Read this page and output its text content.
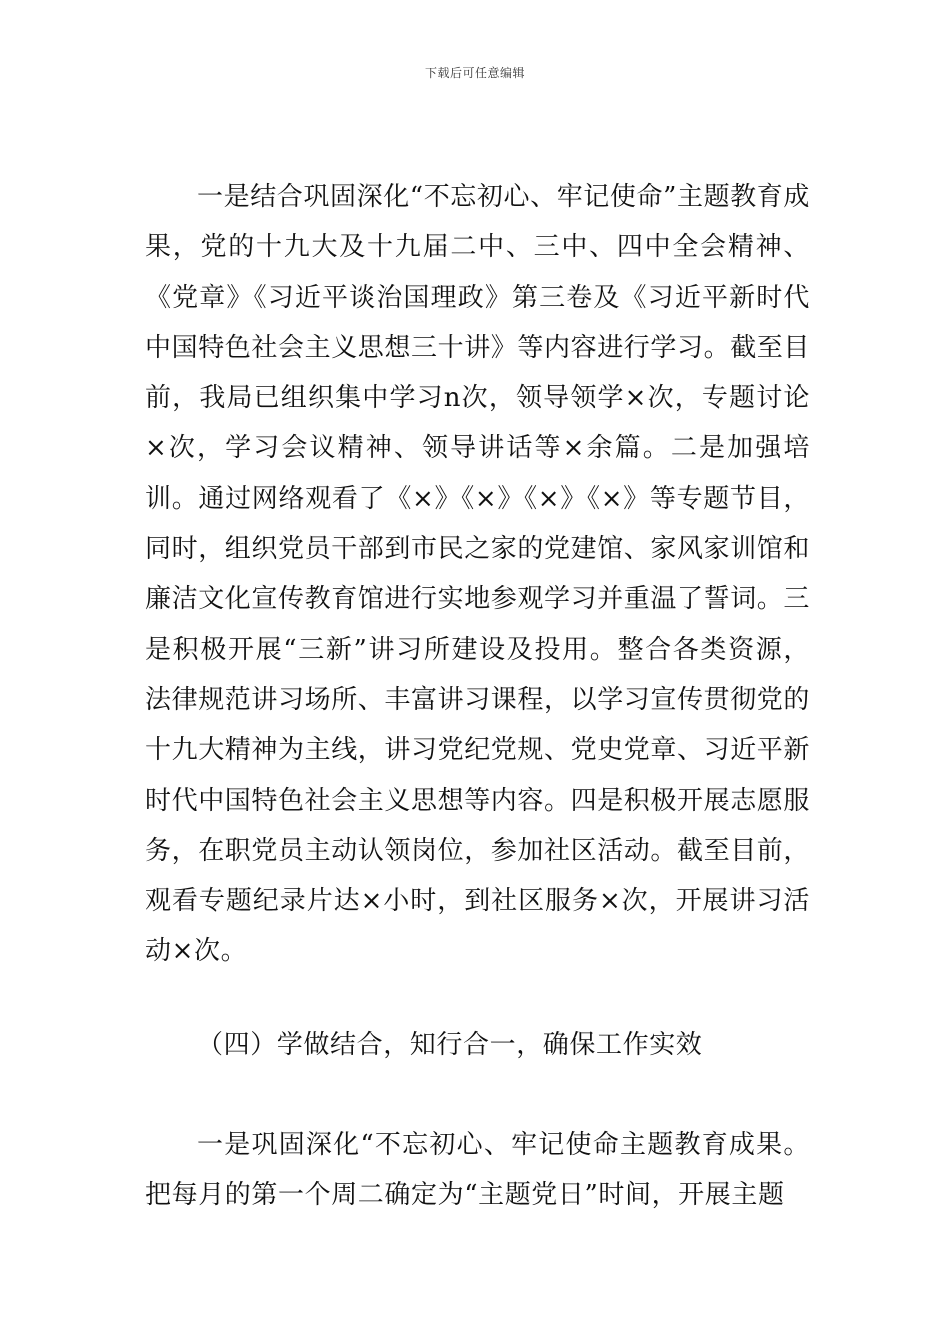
下载后可任意编辑

一是结合巩固深化“不忘初心、牢记使命”主题教育成果，党的十九大及十九届二中、三中、四中全会精神、《党章》《习近平谈治国理政》第三卷及《习近平新时代中国特色社会主义思想三十讲》等内容进行学习。截至目前，我局已组织集中学习n次，领导领学×次，专题讨论×次，学习会议精神、领导讲话等×余篇。二是加强培训。通过网络观看了《×》《×》《×》《×》等专题节目，同时，组织党员干部到市民之家的党建馆、家风家训馆和廉洁文化宣传教育馆进行实地参观学习并重温了誓词。三是积极开展“三新”讲习所建设及投用。整合各类资源，法律规范讲习场所、丰富讲习课程，以学习宣传贯彻党的十九大精神为主线，讲习党纪党规、党史党章、习近平新时代中国特色社会主义思想等内容。四是积极开展志愿服务，在职党员主动认领岗位，参加社区活动。截至目前，观看专题纪录片达×小时，到社区服务×次，开展讲习活动×次。

（四）学做结合，知行合一，确保工作实效

一是巩固深化“不忘初心、牢记使命主题教育成果。把每月的第一个周二确定为“主题党日”时间，开展主题
